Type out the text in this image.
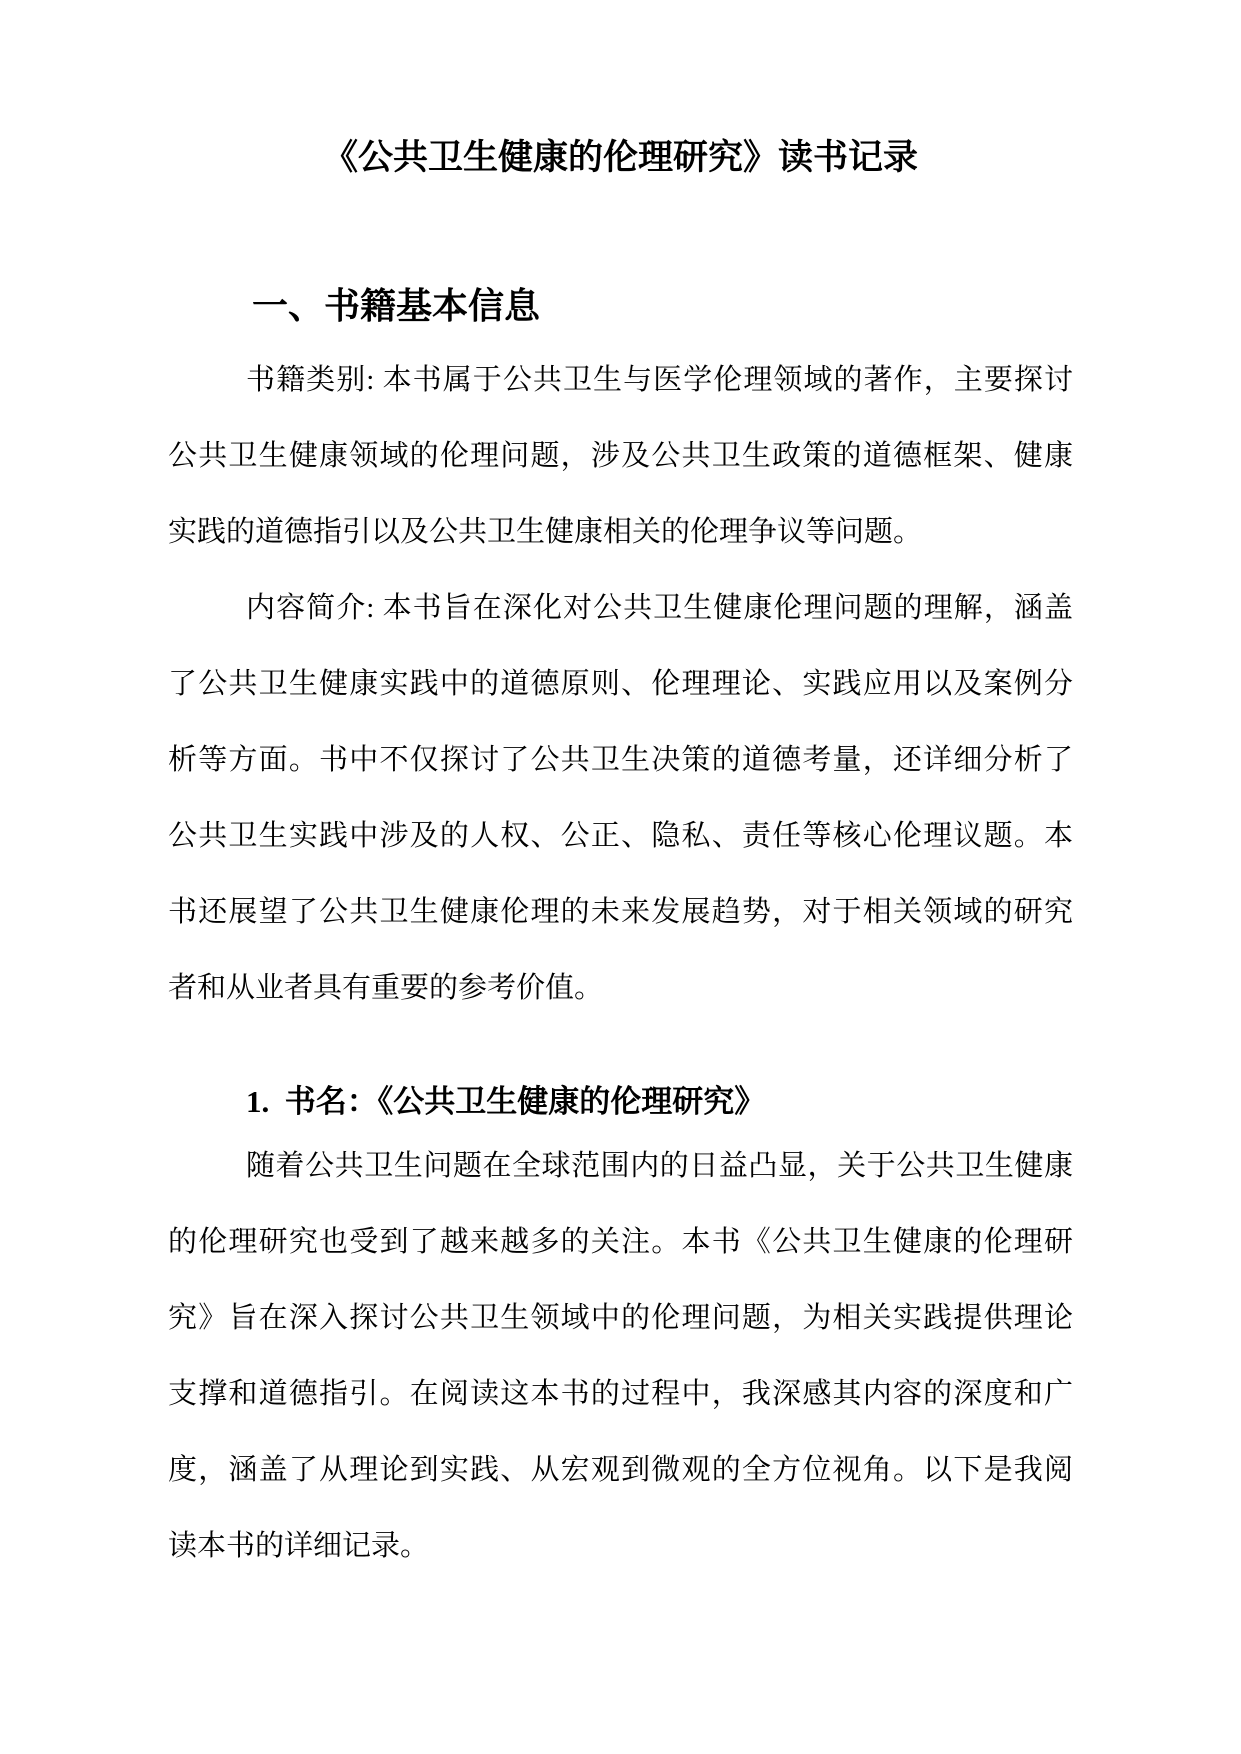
《公共卫生健康的伦理研究》读书记录
一、书籍基本信息
书籍类别: 本书属于公共卫生与医学伦理领域的著作，主要探讨
公共卫生健康领域的伦理问题，涉及公共卫生政策的道德框架、健康
实践的道德指引以及公共卫生健康相关的伦理争议等问题。
内容简介: 本书旨在深化对公共卫生健康伦理问题的理解，涵盖
了公共卫生健康实践中的道德原则、伦理理论、实践应用以及案例分
析等方面。书中不仅探讨了公共卫生决策的道德考量，还详细分析了
公共卫生实践中涉及的人权、公正、隐私、责任等核心伦理议题。本
书还展望了公共卫生健康伦理的未来发展趋势，对于相关领域的研究
者和从业者具有重要的参考价值。
1.  书名：《公共卫生健康的伦理研究》
随着公共卫生问题在全球范围内的日益凸显，关于公共卫生健康
的伦理研究也受到了越来越多的关注。本书《公共卫生健康的伦理研
究》旨在深入探讨公共卫生领域中的伦理问题，为相关实践提供理论
支撑和道德指引。在阅读这本书的过程中，我深感其内容的深度和广
度，涵盖了从理论到实践、从宏观到微观的全方位视角。以下是我阅
读本书的详细记录。
